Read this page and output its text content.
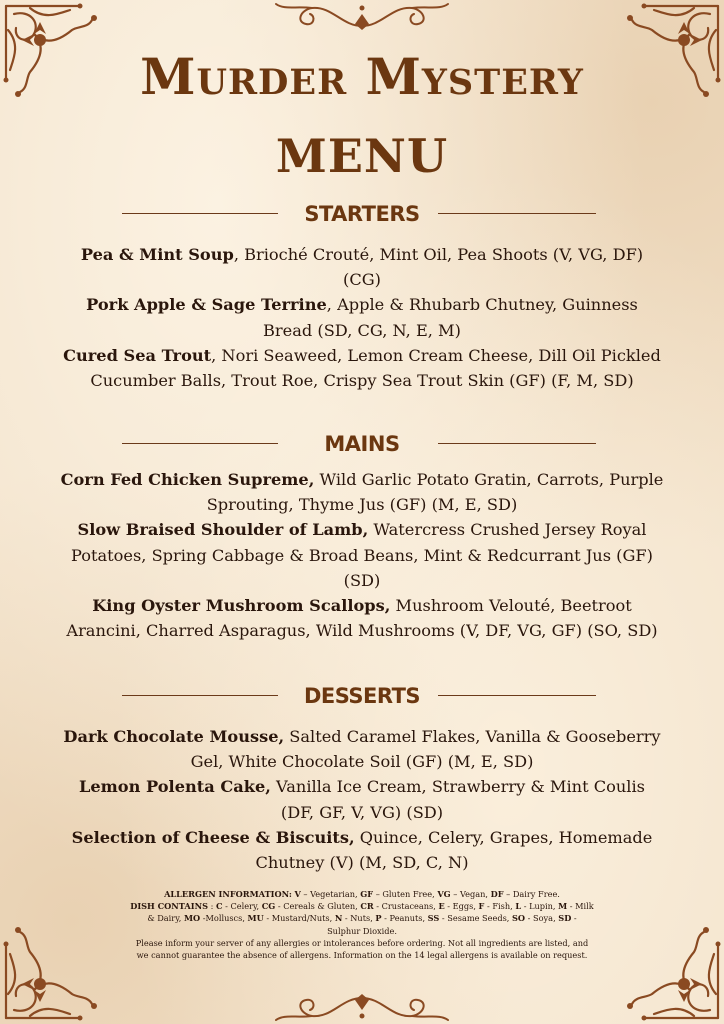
Murder Mystery
MENU
STARTERS

Pea & Mint Soup, Brioché Crouté, Mint Oil, Pea Shoots (V, VG, DF) (CG)

Pork Apple & Sage Terrine, Apple & Rhubarb Chutney, Guinness Bread (SD, CG, N, E, M)

Cured Sea Trout, Nori Seaweed, Lemon Cream Cheese, Dill Oil Pickled Cucumber Balls, Trout Roe, Crispy Sea Trout Skin (GF) (F, M, SD)

MAINS

Corn Fed Chicken Supreme, Wild Garlic Potato Gratin, Carrots, Purple Sprouting, Thyme Jus (GF) (M, E, SD)

Slow Braised Shoulder of Lamb, Watercress Crushed Jersey Royal Potatoes, Spring Cabbage & Broad Beans, Mint & Redcurrant Jus (GF) (SD)

King Oyster Mushroom Scallops, Mushroom Velouté, Beetroot Arancini, Charred Asparagus, Wild Mushrooms (V, DF, VG, GF) (SO, SD)

DESSERTS

Dark Chocolate Mousse, Salted Caramel Flakes, Vanilla & Gooseberry Gel, White Chocolate Soil (GF) (M, E, SD)

Lemon Polenta Cake, Vanilla Ice Cream, Strawberry & Mint Coulis (DF, GF, V, VG) (SD)

Selection of Cheese & Biscuits, Quince, Celery, Grapes, Homemade Chutney (V) (M, SD, C, N)

ALLERGEN INFORMATION: V – Vegetarian, GF – Gluten Free, VG – Vegan, DF – Dairy Free.

DISH CONTAINS : C - Celery, CG - Cereals & Gluten, CR - Crustaceans, E - Eggs, F - Fish, L - Lupin, M - Milk & Dairy, MO -Molluscs, MU - Mustard/Nuts, N - Nuts, P - Peanuts, SS - Sesame Seeds, SO - Soya, SD - Sulphur Dioxide.

Please inform your server of any allergies or intolerances before ordering. Not all ingredients are listed, and we cannot guarantee the absence of allergens. Information on the 14 legal allergens is available on request.
